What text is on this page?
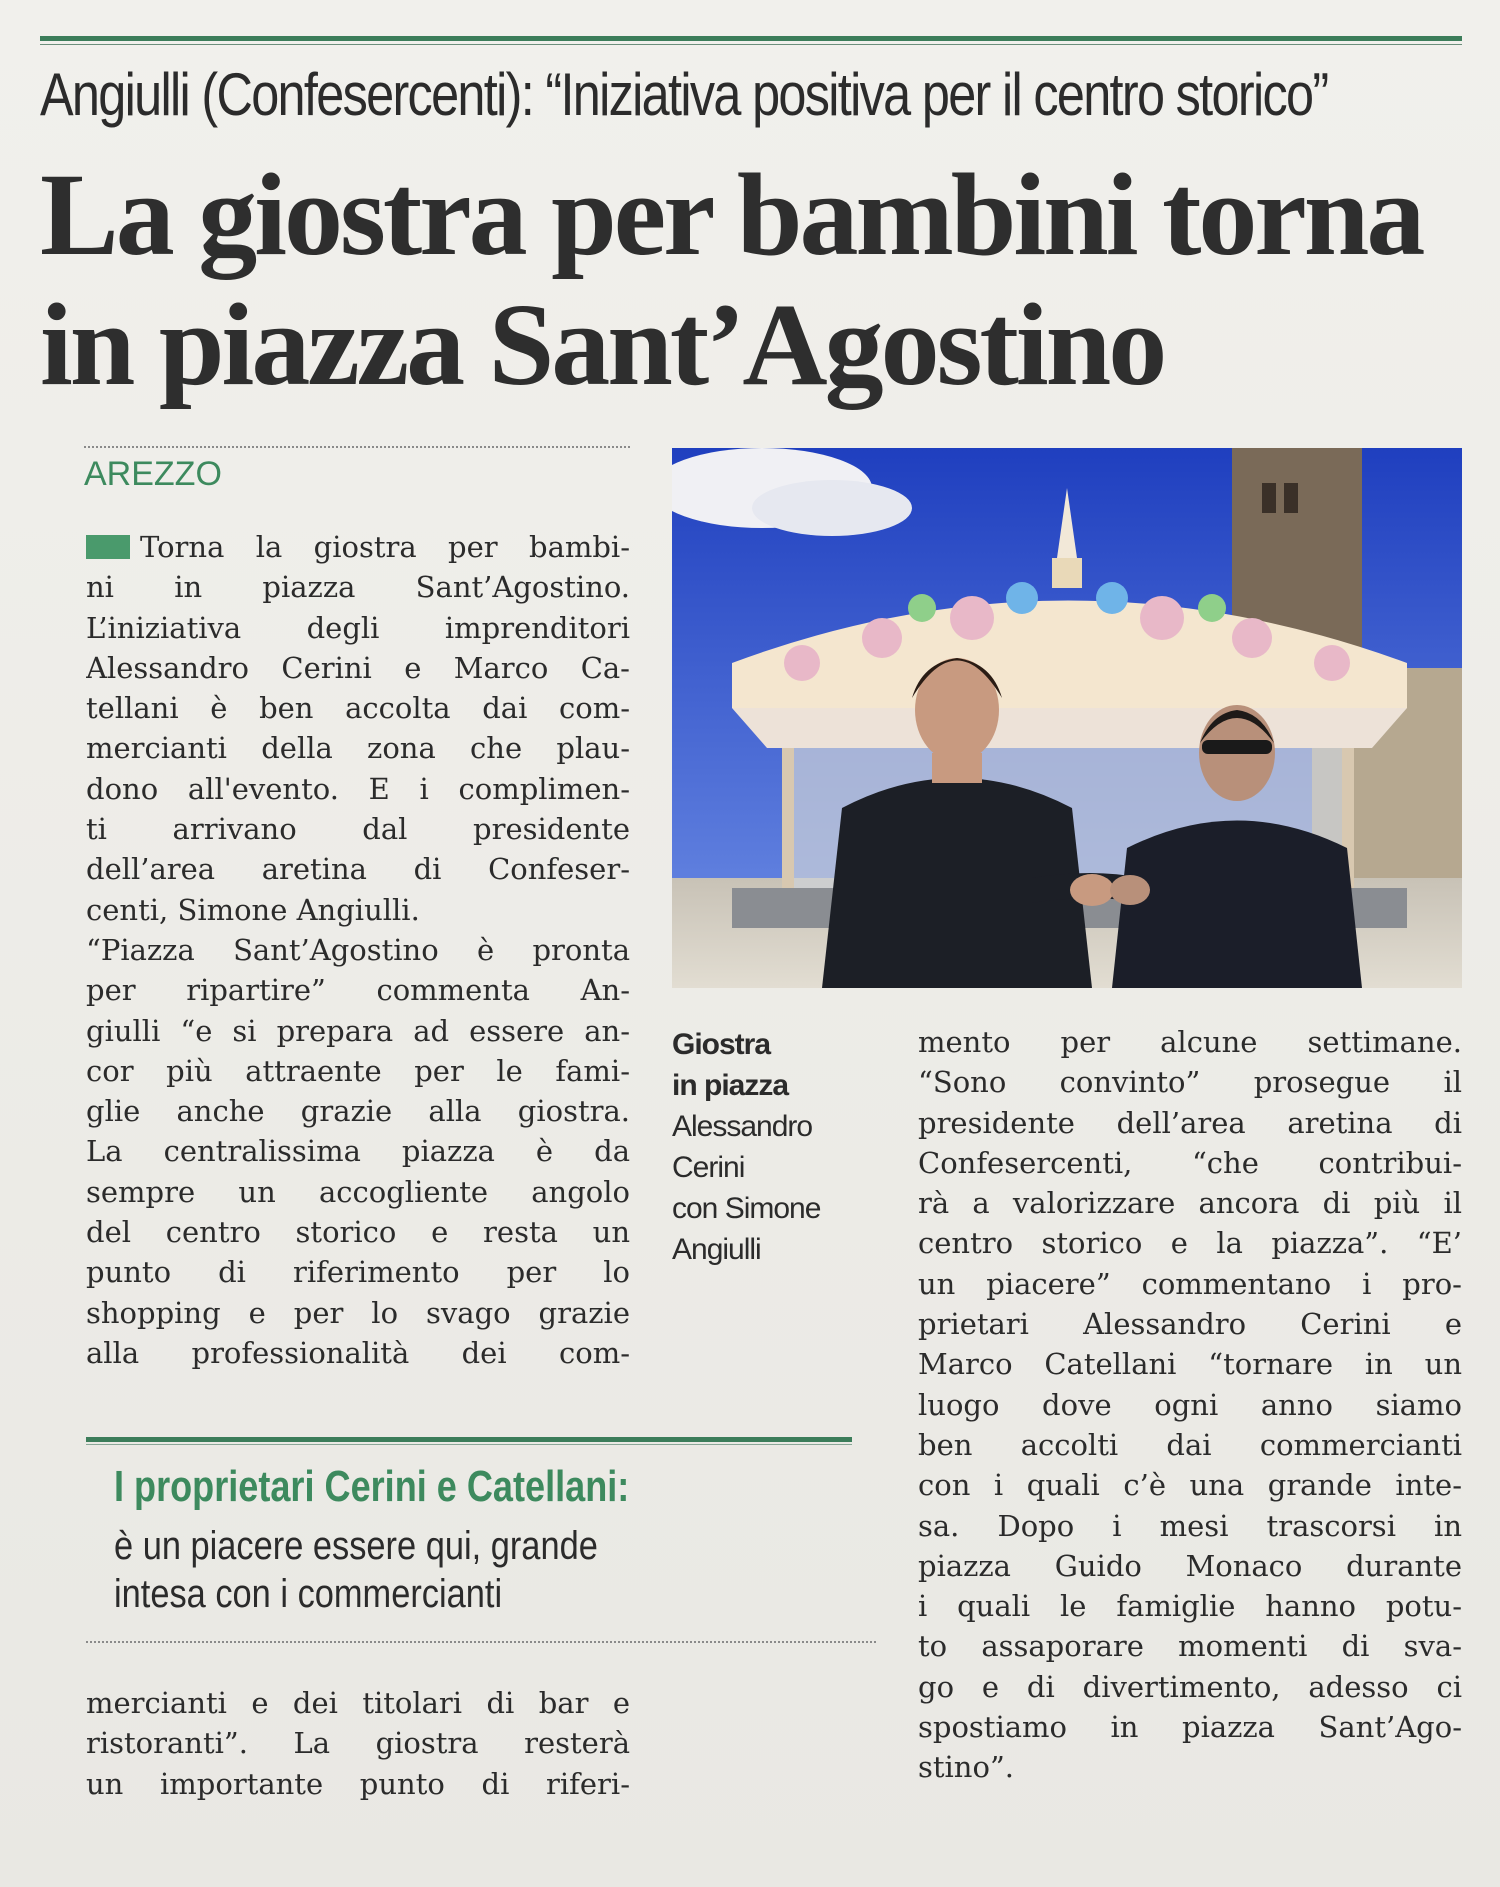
Angiulli (Confesercenti): “Iniziativa positiva per il centro storico”
La giostra per bambini torna
in piazza Sant’Agostino
AREZZO
Torna la giostra per bambi-
ni in piazza Sant’Agostino.
L’iniziativa degli imprenditori
Alessandro Cerini e Marco Ca-
tellani è ben accolta dai com-
mercianti della zona che plau-
dono all'evento. E i complimen-
ti arrivano dal presidente
dell’area aretina di Confeser-
centi, Simone Angiulli.
“Piazza Sant’Agostino è pronta
per ripartire” commenta An-
giulli “e si prepara ad essere an-
cor più attraente per le fami-
glie anche grazie alla giostra.
La centralissima piazza è da
sempre un accogliente angolo
del centro storico e resta un
punto di riferimento per lo
shopping e per lo svago grazie
alla professionalità dei com-
Giostra
in piazza
Alessandro
Cerini
con Simone
Angiulli
mento per alcune settimane.
“Sono convinto” prosegue il
presidente dell’area aretina di
Confesercenti, “che contribui-
rà a valorizzare ancora di più il
centro storico e la piazza”. “E’
un piacere” commentano i pro-
prietari Alessandro Cerini e
Marco Catellani “tornare in un
luogo dove ogni anno siamo
ben accolti dai commercianti
con i quali c’è una grande inte-
sa. Dopo i mesi trascorsi in
piazza Guido Monaco durante
i quali le famiglie hanno potu-
to assaporare momenti di sva-
go e di divertimento, adesso ci
spostiamo in piazza Sant’Ago-
stino”.
I proprietari Cerini e Catellani:
è un piacere essere qui, grande
intesa con i commercianti
mercianti e dei titolari di bar e
ristoranti”. La giostra resterà
un importante punto di riferi-
